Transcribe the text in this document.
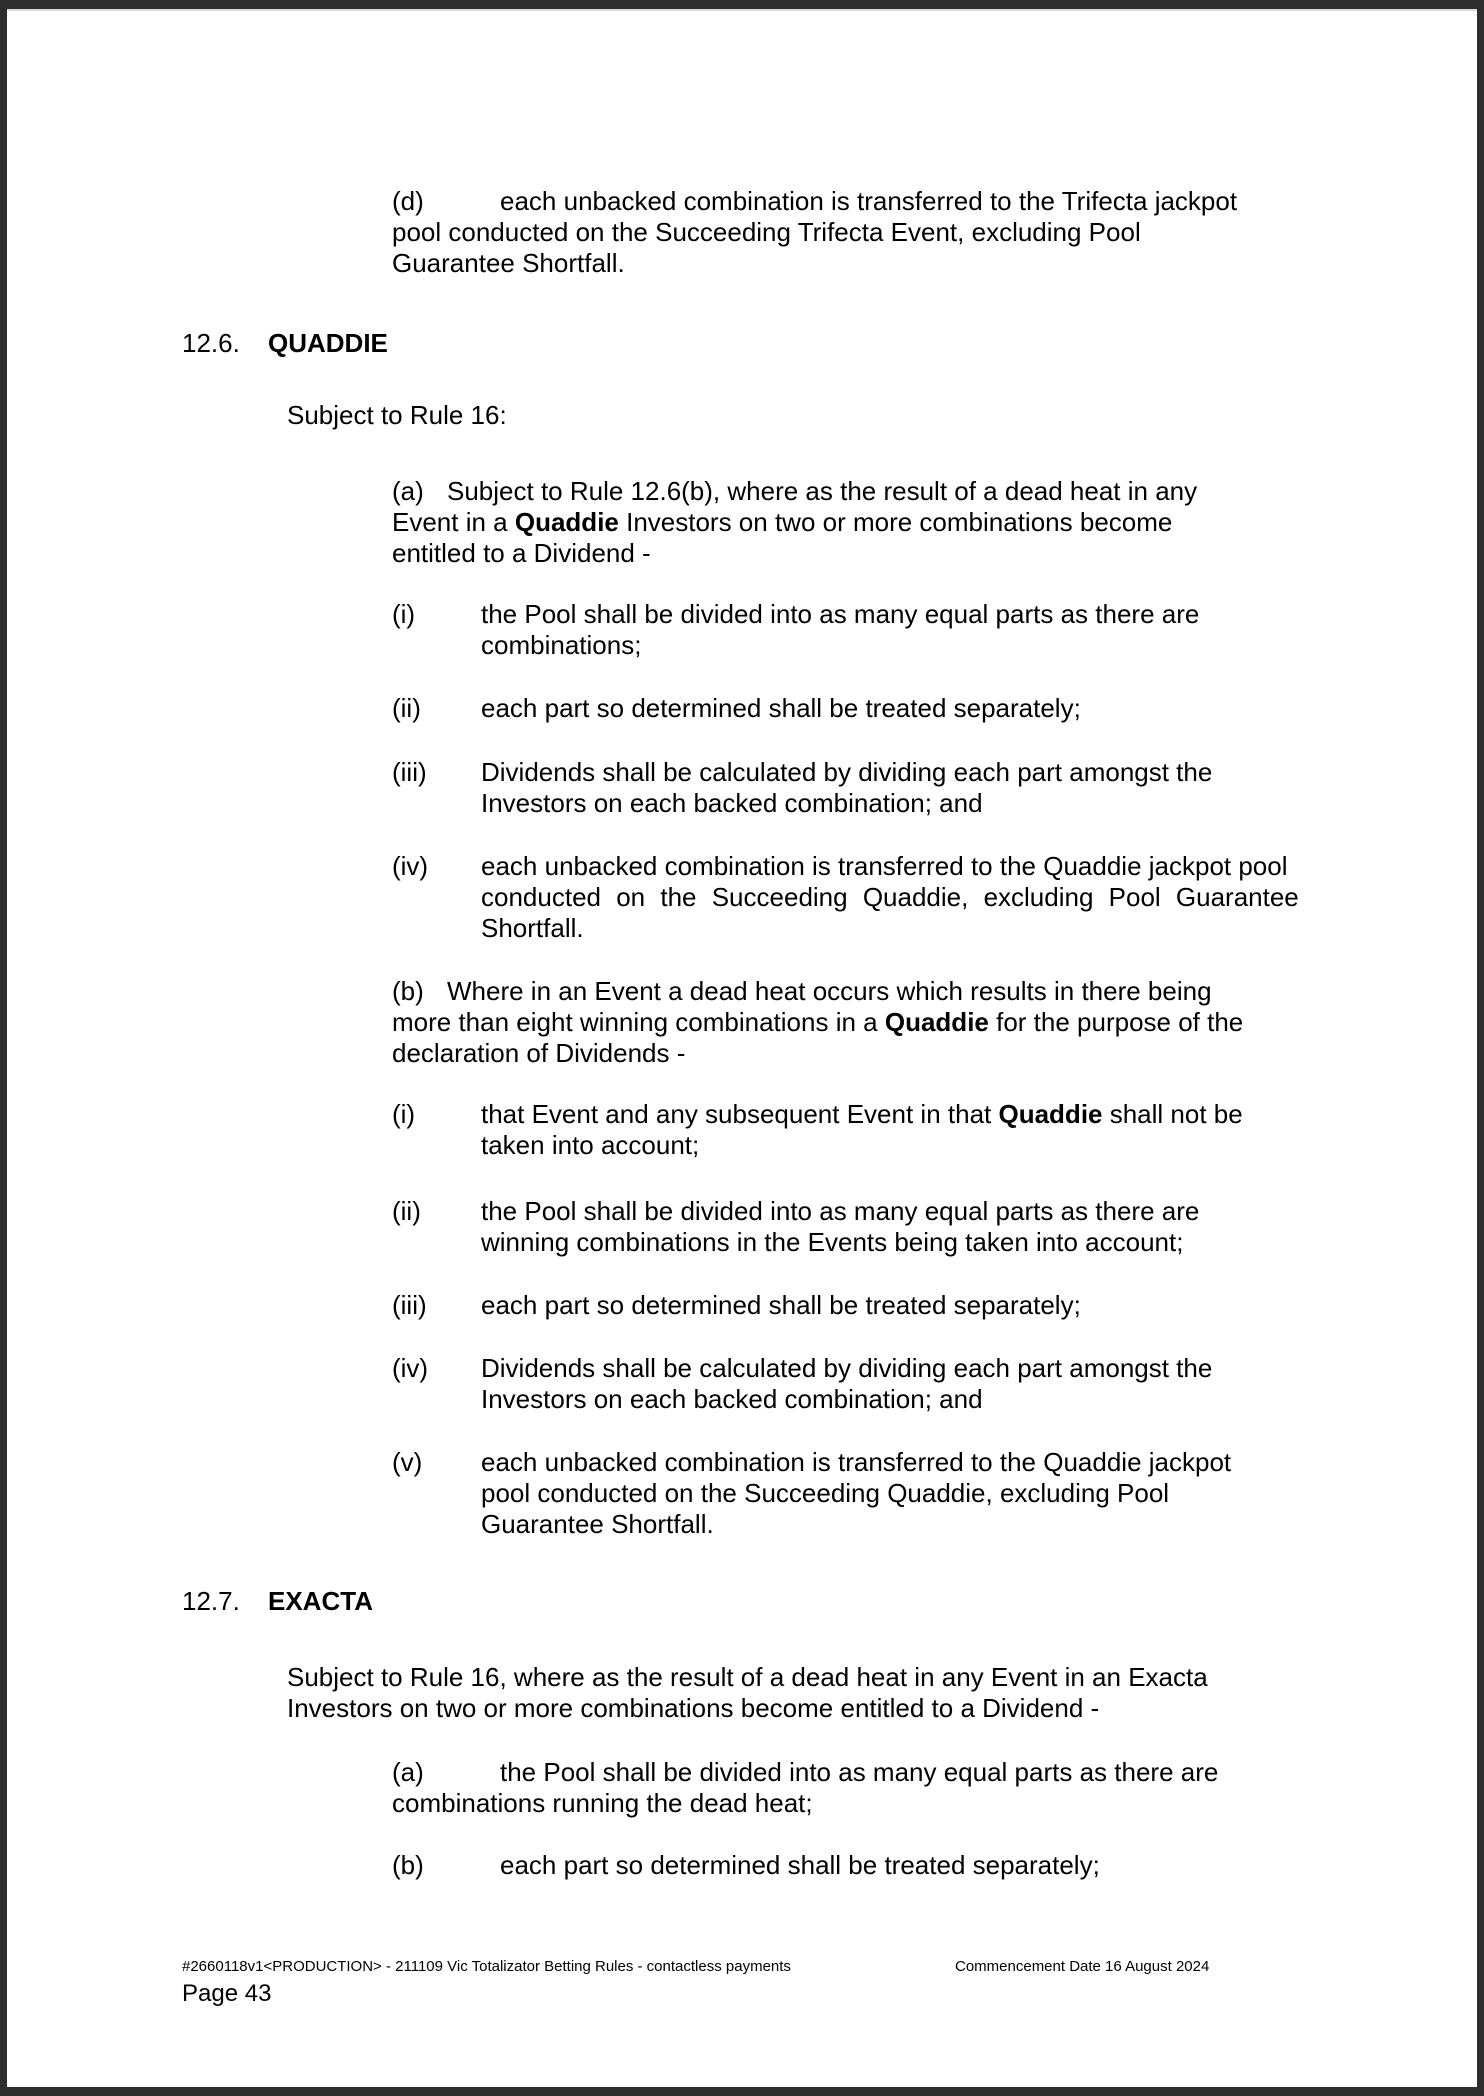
(d)	each unbacked combination is transferred to the Trifecta jackpot
pool conducted on the Succeeding Trifecta Event, excluding Pool
Guarantee Shortfall.
12.6. QUADDIE
Subject to Rule 16:
(a) Subject to Rule 12.6(b), where as the result of a dead heat in any
Event in a Quaddie Investors on two or more combinations become
entitled to a Dividend -
(i)	the Pool shall be divided into as many equal parts as there are
combinations;
(ii) each part so determined shall be treated separately;
(iii) Dividends shall be calculated by dividing each part amongst the
Investors on each backed combination; and
(iv) each unbacked combination is transferred to the Quaddie jackpot pool
conducted on the Succeeding Quaddie, excluding Pool Guarantee
Shortfall.
(b) Where in an Event a dead heat occurs which results in there being
more than eight winning combinations in a Quaddie for the purpose of the
declaration of Dividends -
(i)	that Event and any subsequent Event in that Quaddie shall not be
taken into account;
(ii) the Pool shall be divided into as many equal parts as there are
winning combinations in the Events being taken into account;
(iii) each part so determined shall be treated separately;
(iv) Dividends shall be calculated by dividing each part amongst the
Investors on each backed combination; and
(v) each unbacked combination is transferred to the Quaddie jackpot
pool conducted on the Succeeding Quaddie, excluding Pool
Guarantee Shortfall.
12.7. EXACTA
Subject to Rule 16, where as the result of a dead heat in any Event in an Exacta
Investors on two or more combinations become entitled to a Dividend -
(a)	the Pool shall be divided into as many equal parts as there are
combinations running the dead heat;
(b)	each part so determined shall be treated separately;
#2660118v1<PRODUCTION> - 211109 Vic Totalizator Betting Rules - contactless payments	Commencement Date 16 August 2024
Page 43
